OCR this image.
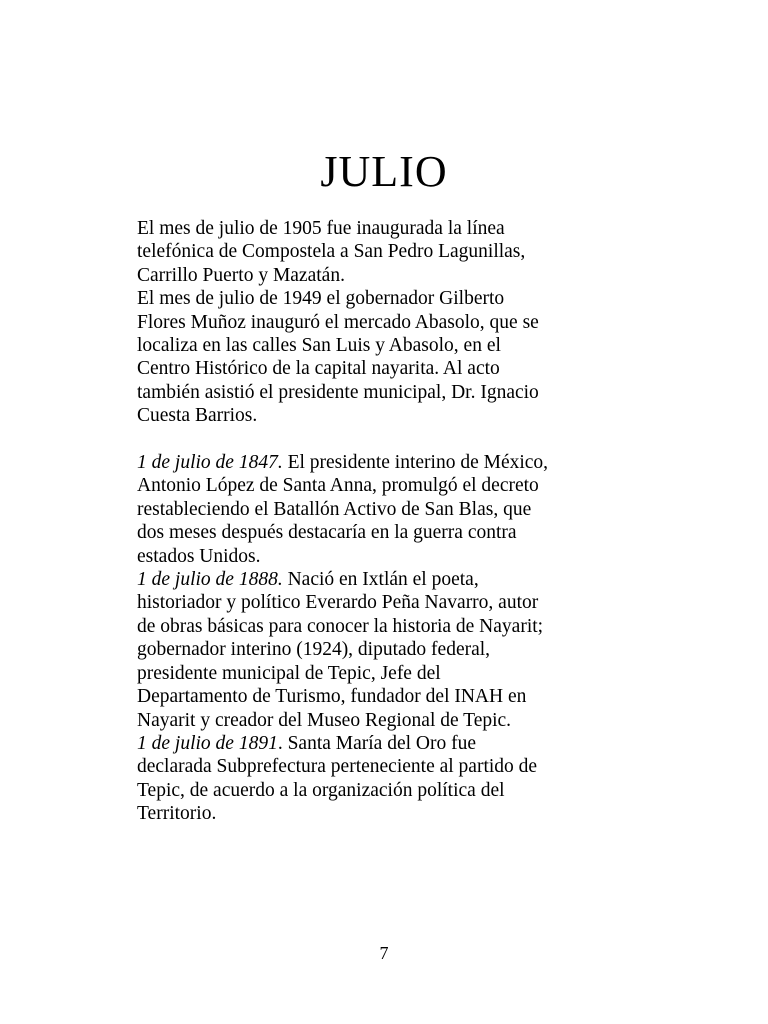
JULIO
El mes de julio de 1905 fue inaugurada la línea
telefónica de Compostela a San Pedro Lagunillas,
Carrillo Puerto y Mazatán.
El mes de julio de 1949 el gobernador Gilberto
Flores Muñoz inauguró el mercado Abasolo, que se
localiza en las calles San Luis y Abasolo, en el
Centro Histórico de la capital nayarita. Al acto
también asistió el presidente municipal, Dr. Ignacio
Cuesta Barrios.
1 de julio de 1847. El presidente interino de México,
Antonio López de Santa Anna, promulgó el decreto
restableciendo el Batallón Activo de San Blas, que
dos meses después destacaría en la guerra contra
estados Unidos.
1 de julio de 1888. Nació en Ixtlán el poeta,
historiador y político Everardo Peña Navarro, autor
de obras básicas para conocer la historia de Nayarit;
gobernador interino (1924), diputado federal,
presidente municipal de Tepic, Jefe del
Departamento de Turismo, fundador del INAH en
Nayarit y creador del Museo Regional de Tepic.
1 de julio de 1891. Santa María del Oro fue
declarada Subprefectura perteneciente al partido de
Tepic, de acuerdo a la organización política del
Territorio.
7
